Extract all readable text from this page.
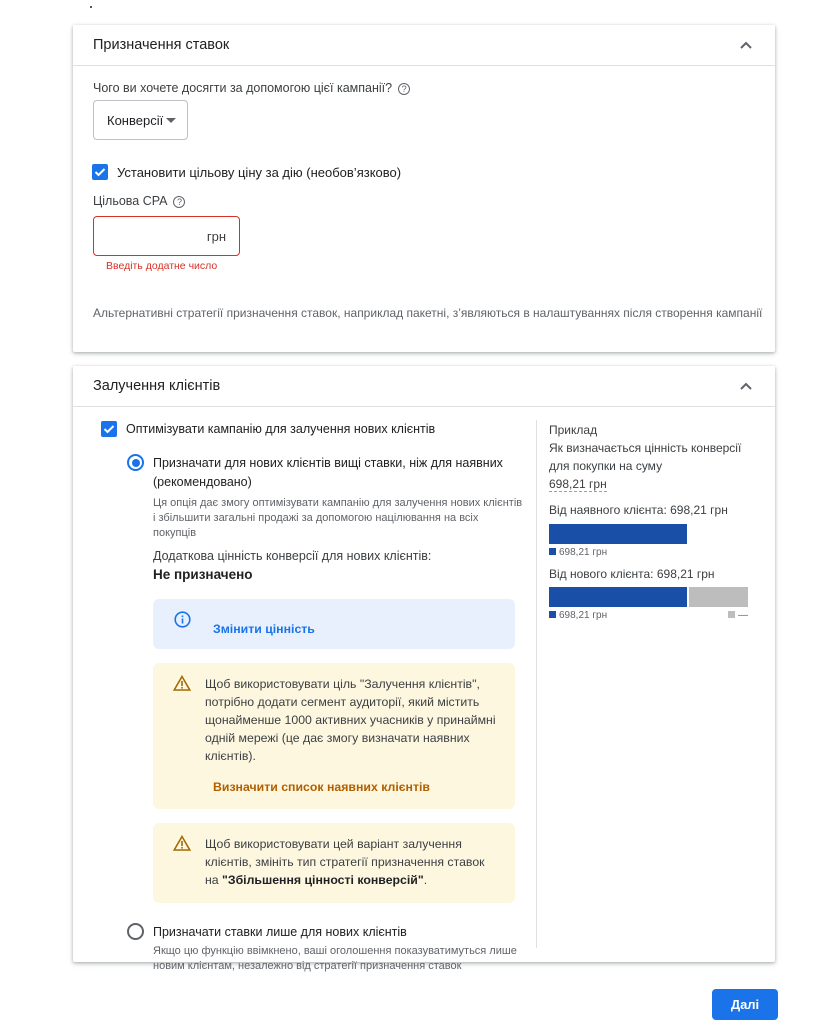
Призначення ставок
Чого ви хочете досягти за допомогою цієї кампанії? ?
Конверсії
Установити цільову ціну за дію (необов’язково)
Цільова CPA ?
грн
Введіть додатне число
Альтернативні стратегії призначення ставок, наприклад пакетні, з’являються в налаштуваннях після створення кампанії
Залучення клієнтів
Оптимізувати кампанію для залучення нових клієнтів
Призначати для нових клієнтів вищі ставки, ніж для наявних (рекомендовано)
Ця опція дає змогу оптимізувати кампанію для залучення нових клієнтів і збільшити загальні продажі за допомогою націлювання на всіх покупців
Додаткова цінність конверсії для нових клієнтів:
Не призначено
Змінити цінність
Щоб використовувати ціль "Залучення клієнтів", потрібно додати сегмент аудиторії, який містить щонайменше 1000 активних учасників у принаймні одній мережі (це дає змогу визначати наявних клієнтів).
Визначити список наявних клієнтів
Щоб використовувати цей варіант залучення клієнтів, змініть тип стратегії призначення ставок на "Збільшення цінності конверсій".
Призначати ставки лише для нових клієнтів
Якщо цю функцію ввімкнено, ваші оголошення показуватимуться лише новим клієнтам, незалежно від стратегії призначення ставок
Приклад
Як визначається цінність конверсії для покупки на суму
698,21 грн
Від наявного клієнта: 698,21 грн
698,21 грн
Від нового клієнта: 698,21 грн
698,21 грн	—
Далі
